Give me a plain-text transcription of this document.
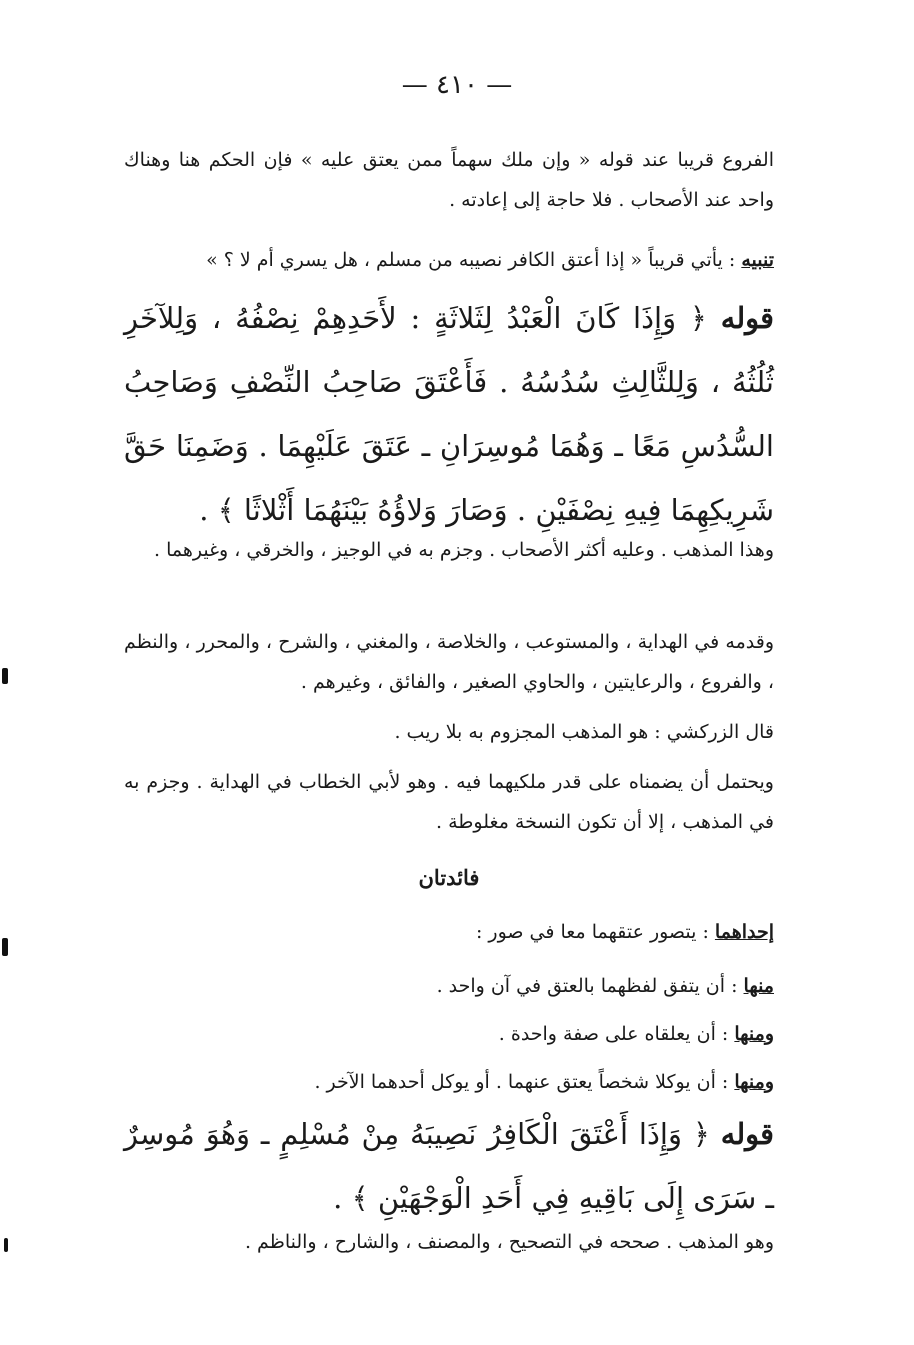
— ٤١٠ —
الفروع قريبا عند قوله « وإن ملك سهماً ممن يعتق عليه » فإن الحكم هنا وهناك واحد عند الأصحاب . فلا حاجة إلى إعادته .
تنبيه : يأتي قريباً « إذا أعتق الكافر نصيبه من مسلم ، هل يسري أم لا ؟ »
قوله ﴿ وَإِذَا كَانَ الْعَبْدُ لِثَلاثَةٍ : لأَحَدِهِمْ نِصْفُهُ ، وَلِلآخَرِ ثُلُثُهُ ، وَلِلثَّالِثِ سُدُسُهُ . فَأَعْتَقَ صَاحِبُ النِّصْفِ وَصَاحِبُ السُّدُسِ مَعًا ـ وَهُمَا مُوسِرَانِ ـ عَتَقَ عَلَيْهِمَا . وَضَمِنَا حَقَّ شَرِيكِهِمَا فِيهِ نِصْفَيْنِ . وَصَارَ وَلاؤُهُ بَيْنَهُمَا أَثْلاثًا ﴾ .
وهذا المذهب . وعليه أكثر الأصحاب . وجزم به في الوجيز ، والخرقي ، وغيرهما .
وقدمه في الهداية ، والمستوعب ، والخلاصة ، والمغني ، والشرح ، والمحرر ، والنظم ، والفروع ، والرعايتين ، والحاوي الصغير ، والفائق ، وغيرهم .
قال الزركشي : هو المذهب المجزوم به بلا ريب .
ويحتمل أن يضمناه على قدر ملكيهما فيه . وهو لأبي الخطاب في الهداية . وجزم به في المذهب ، إلا أن تكون النسخة مغلوطة .
فائدتان
إحداهما : يتصور عتقهما معا في صور :
منها : أن يتفق لفظهما بالعتق في آن واحد .
ومنها : أن يعلقاه على صفة واحدة .
ومنها : أن يوكلا شخصاً يعتق عنهما . أو يوكل أحدهما الآخر .
قوله ﴿ وَإِذَا أَعْتَقَ الْكَافِرُ نَصِيبَهُ مِنْ مُسْلِمٍ ـ وَهُوَ مُوسِرٌ ـ سَرَى إِلَى بَاقِيهِ فِي أَحَدِ الْوَجْهَيْنِ ﴾ .
وهو المذهب . صححه في التصحيح ، والمصنف ، والشارح ، والناظم .
